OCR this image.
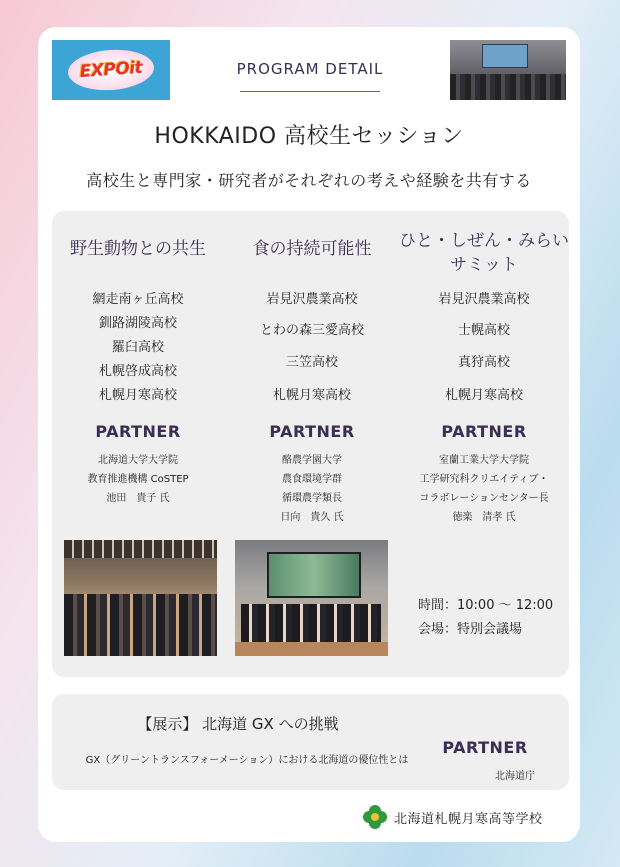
EXPOit	PROGRAM DETAIL
HOKKAIDO 高校生セッション
高校生と専門家・研究者がそれぞれの考えや経験を共有する
野生動物との共生
網走南ヶ丘高校
釧路湖陵高校
羅臼高校
札幌啓成高校
札幌月寒高校
PARTNER
北海道大学大学院
教育推進機構 CoSTEP
池田　貴子 氏
食の持続可能性
岩見沢農業高校
とわの森三愛高校
三笠高校
札幌月寒高校
PARTNER
酪農学園大学
農食環境学群
循環農学類長
日向　貴久 氏
ひと・しぜん・みらい
サミット
岩見沢農業高校
士幌高校
真狩高校
札幌月寒高校
PARTNER
室蘭工業大学大学院
工学研究科クリエイティブ・
コラボレーションセンター長
徳楽　清孝 氏
時間：10:00 ～ 12:00
会場：特別会議場
【展示】 北海道 GX への挑戦
GX（グリーントランスフォーメーション）における北海道の優位性とは
PARTNER
北海道庁
北海道札幌月寒高等学校
